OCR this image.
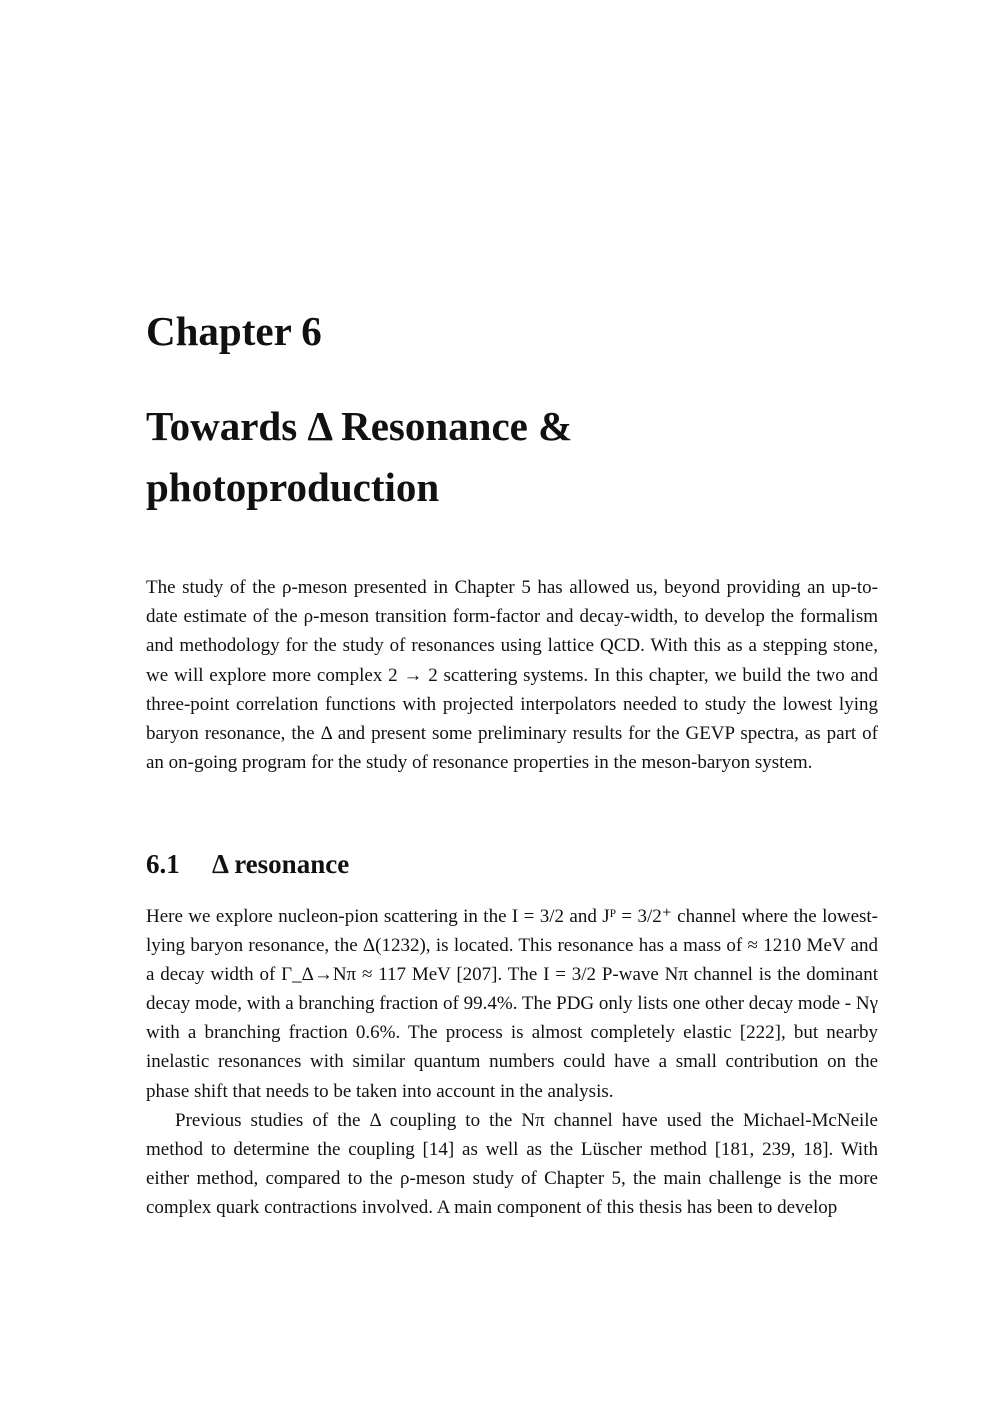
Chapter 6
Towards Δ Resonance &
photoproduction

The study of the ρ-meson presented in Chapter 5 has allowed us, beyond providing an up-to-date estimate of the ρ-meson transition form-factor and decay-width, to develop the formalism and methodology for the study of resonances using lattice QCD. With this as a stepping stone, we will explore more complex 2 → 2 scattering systems. In this chapter, we build the two and three-point correlation functions with projected interpolators needed to study the lowest lying baryon resonance, the Δ and present some preliminary results for the GEVP spectra, as part of an on-going program for the study of resonance properties in the meson-baryon system.

6.1 Δ resonance

Here we explore nucleon-pion scattering in the I = 3/2 and Jᴾ = 3/2⁺ channel where the lowest-lying baryon resonance, the Δ(1232), is located. This resonance has a mass of ≈ 1210 MeV and a decay width of Γ_Δ→Nπ ≈ 117 MeV [207]. The I = 3/2 P-wave Nπ channel is the dominant decay mode, with a branching fraction of 99.4%. The PDG only lists one other decay mode - Nγ with a branching fraction 0.6%. The process is almost completely elastic [222], but nearby inelastic resonances with similar quantum numbers could have a small contribution on the phase shift that needs to be taken into account in the analysis.

Previous studies of the Δ coupling to the Nπ channel have used the Michael-McNeile method to determine the coupling [14] as well as the Lüscher method [181, 239, 18]. With either method, compared to the ρ-meson study of Chapter 5, the main challenge is the more complex quark contractions involved. A main component of this thesis has been to develop
